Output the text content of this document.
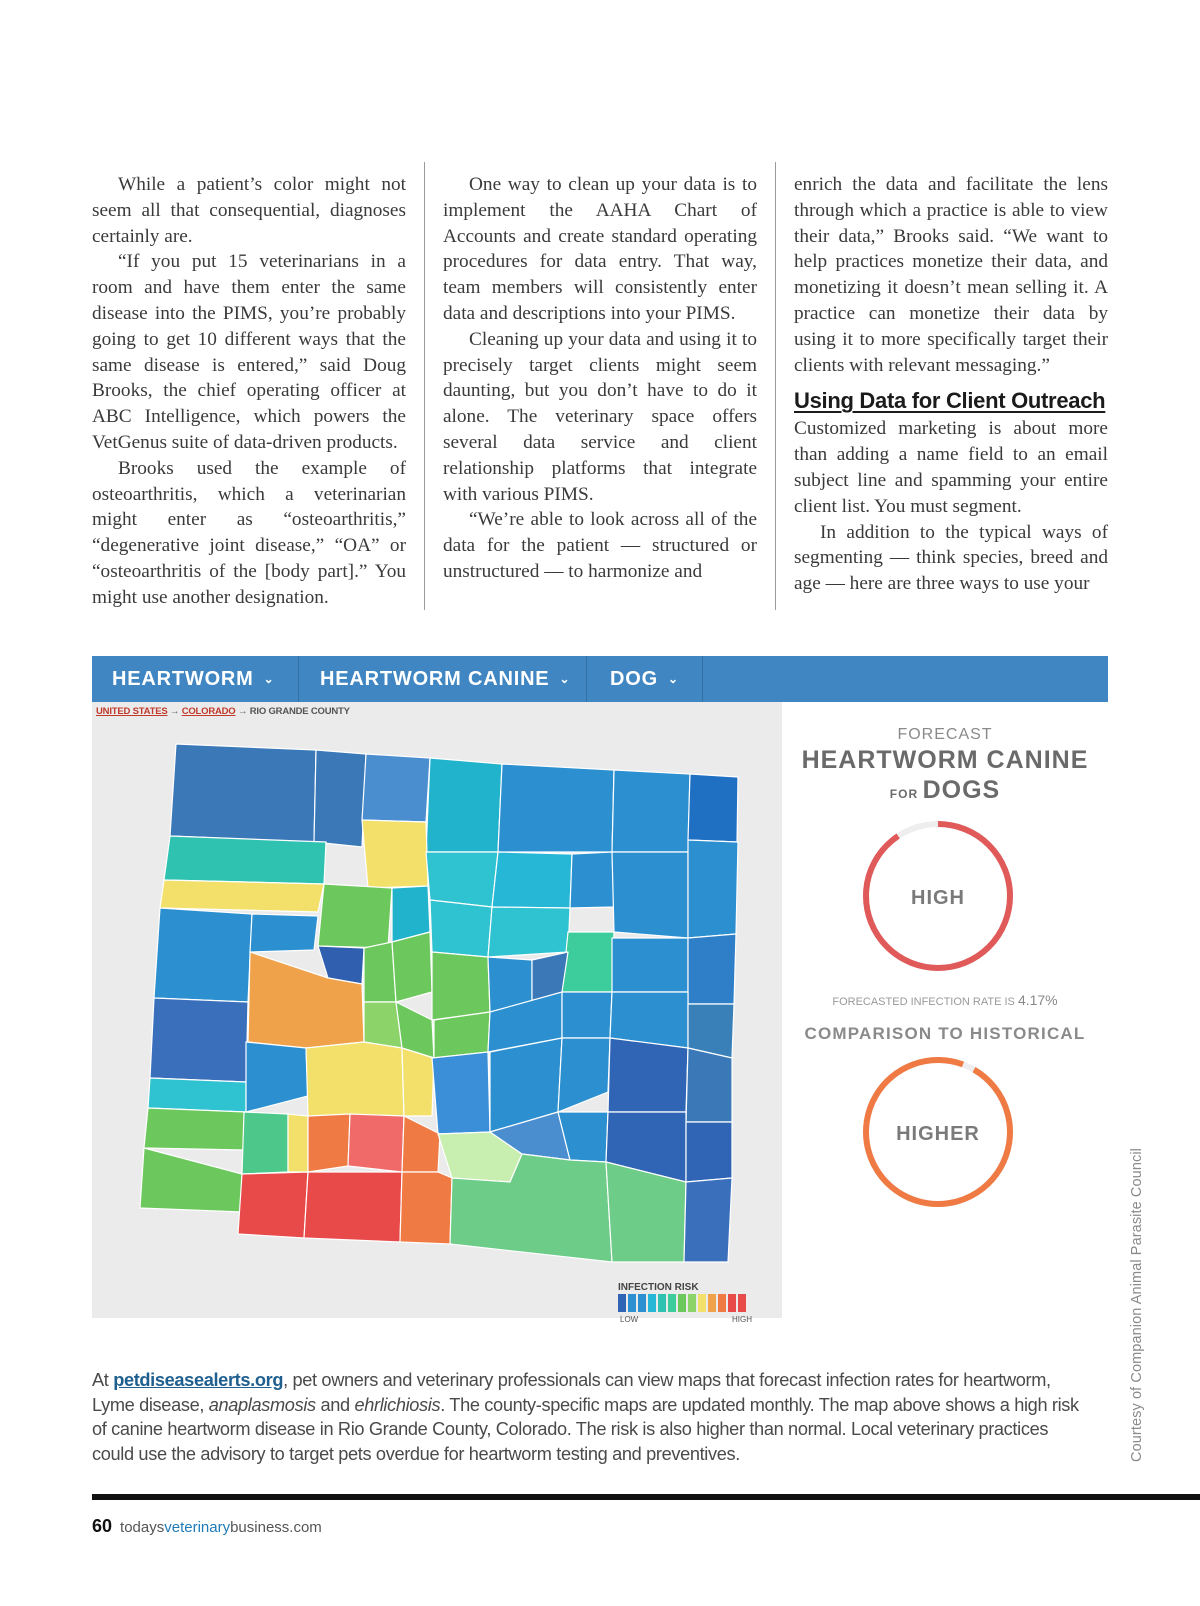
While a patient’s color might not seem all that consequential, diagnoses certainly are.

“If you put 15 veterinarians in a room and have them enter the same disease into the PIMS, you’re probably going to get 10 different ways that the same disease is entered,” said Doug Brooks, the chief operating officer at ABC Intelligence, which powers the VetGenus suite of data-driven products.

Brooks used the example of osteoarthritis, which a veterinarian might enter as “osteoarthritis,” “degenerative joint disease,” “OA” or “osteoarthritis of the [body part].” You might use another designation.

One way to clean up your data is to implement the AAHA Chart of Accounts and create standard operating procedures for data entry. That way, team members will consistently enter data and descriptions into your PIMS.

Cleaning up your data and using it to precisely target clients might seem daunting, but you don’t have to do it alone. The veterinary space offers several data service and client relationship platforms that integrate with various PIMS.

“We’re able to look across all of the data for the patient — structured or unstructured — to harmonize and

enrich the data and facilitate the lens through which a practice is able to view their data,” Brooks said. “We want to help practices monetize their data, and monetizing it doesn’t mean selling it. A practice can monetize their data by using it to more specifically target their clients with relevant messaging.”

Using Data for Client Outreach

Customized marketing is about more than adding a name field to an email subject line and spamming your entire client list. You must segment.

In addition to the typical ways of segmenting — think species, breed and age — here are three ways to use your

HEARTWORM ⌄ HEARTWORM CANINE ⌄ DOG ⌄
UNITED STATES → COLORADO → RIO GRANDE COUNTY
INFECTION RISK
LOW	HIGH
FORECAST
HEARTWORM CANINE
FOR DOGS
HIGH
FORECASTED INFECTION RATE IS 4.17%
COMPARISON TO HISTORICAL
HIGHER
At petdiseasealerts.org, pet owners and veterinary professionals can view maps that forecast infection rates for heartworm, Lyme disease, anaplasmosis and ehrlichiosis. The county-specific maps are updated monthly. The map above shows a high risk of canine heartworm disease in Rio Grande County, Colorado. The risk is also higher than normal. Local veterinary practices could use the advisory to target pets overdue for heartworm testing and preventives.	Courtesy of Companion Animal Parasite Council
60 todaysveterinarybusiness.com
